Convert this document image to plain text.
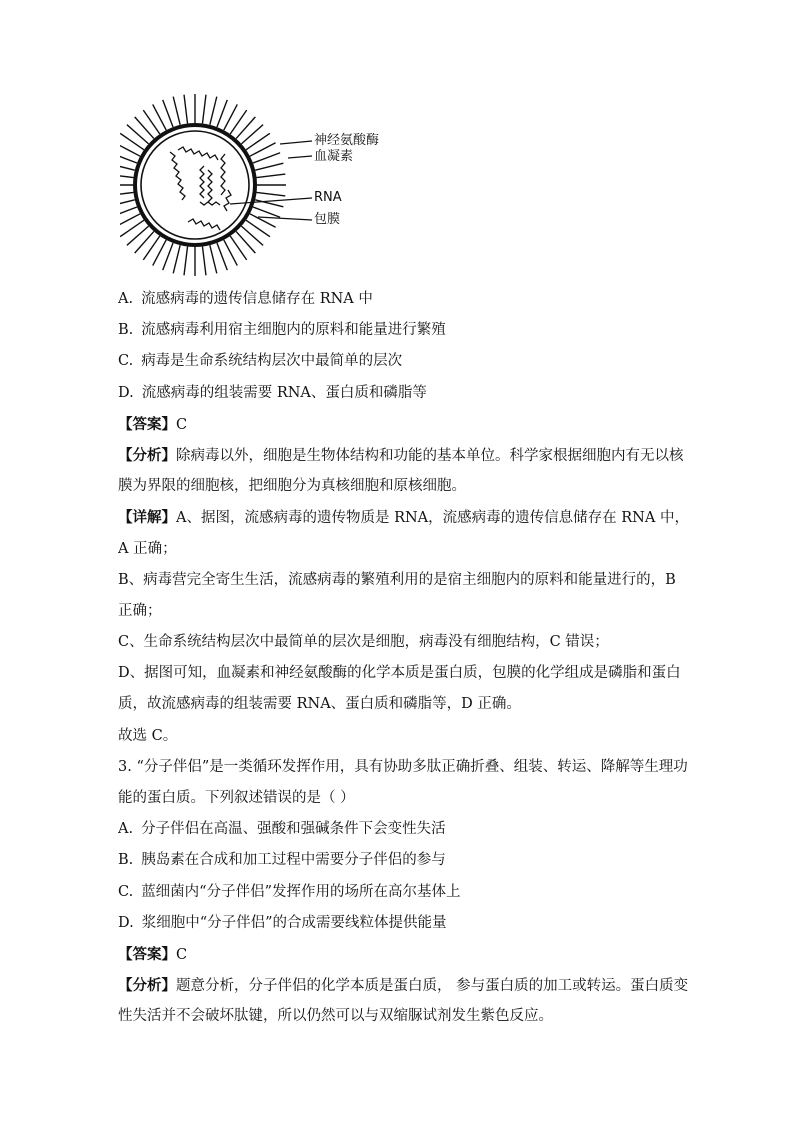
神经氨酸酶
血凝素
RNA
包膜
A. 流感病毒的遗传信息储存在 RNA 中
B. 流感病毒利用宿主细胞内的原料和能量进行繁殖
C. 病毒是生命系统结构层次中最简单的层次
D. 流感病毒的组装需要 RNA、蛋白质和磷脂等
【答案】C
【分析】除病毒以外，细胞是生物体结构和功能的基本单位。科学家根据细胞内有无以核
膜为界限的细胞核，把细胞分为真核细胞和原核细胞。
【详解】A、据图，流感病毒的遗传物质是 RNA，流感病毒的遗传信息储存在 RNA 中，
A 正确；
B、病毒营完全寄生生活，流感病毒的繁殖利用的是宿主细胞内的原料和能量进行的，B
正确；
C、生命系统结构层次中最简单的层次是细胞，病毒没有细胞结构，C 错误；
D、据图可知，血凝素和神经氨酸酶的化学本质是蛋白质，包膜的化学组成是磷脂和蛋白
质，故流感病毒的组装需要 RNA、蛋白质和磷脂等，D 正确。
故选 C。
3. “分子伴侣”是一类循环发挥作用，具有协助多肽正确折叠、组装、转运、降解等生理功
能的蛋白质。下列叙述错误的是（ ）
A. 分子伴侣在高温、强酸和强碱条件下会变性失活
B. 胰岛素在合成和加工过程中需要分子伴侣的参与
C. 蓝细菌内“分子伴侣”发挥作用的场所在高尔基体上
D. 浆细胞中“分子伴侣”的合成需要线粒体提供能量
【答案】C
【分析】题意分析，分子伴侣的化学本质是蛋白质， 参与蛋白质的加工或转运。蛋白质变
性失活并不会破坏肽键，所以仍然可以与双缩脲试剂发生紫色反应。
